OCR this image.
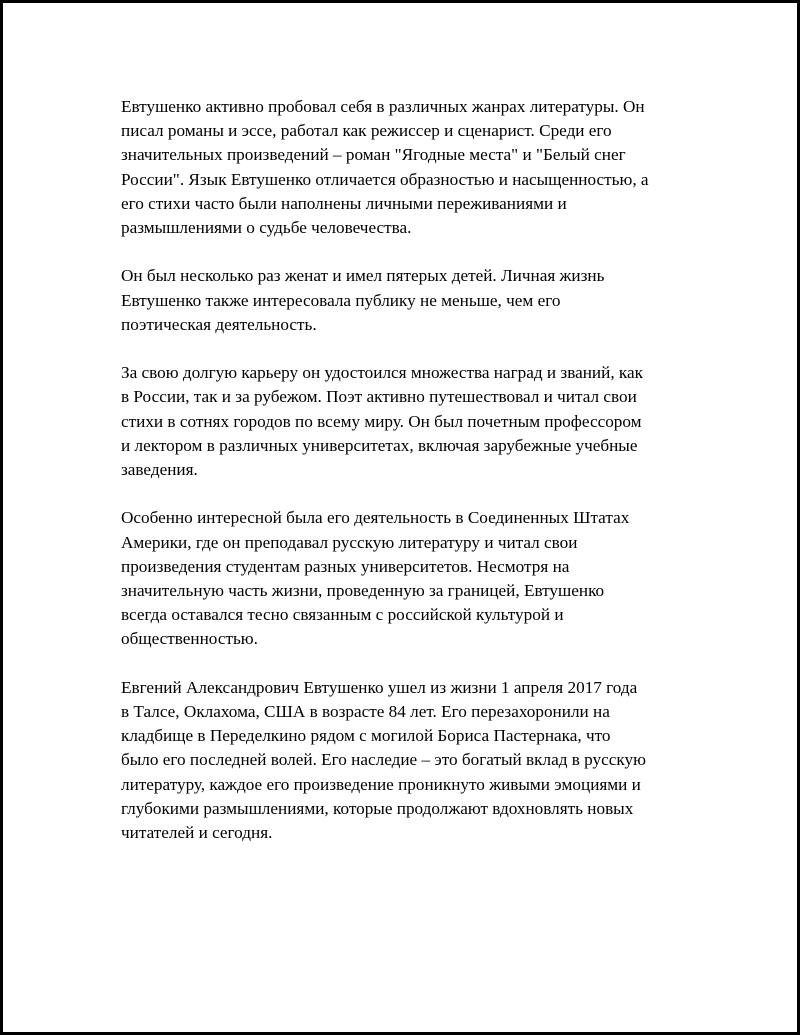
Евтушенко активно пробовал себя в различных жанрах литературы. Он
писал романы и эссе, работал как режиссер и сценарист. Среди его
значительных произведений – роман "Ягодные места" и "Белый снег
России". Язык Евтушенко отличается образностью и насыщенностью, а
его стихи часто были наполнены личными переживаниями и
размышлениями о судьбе человечества.

Он был несколько раз женат и имел пятерых детей. Личная жизнь
Евтушенко также интересовала публику не меньше, чем его
поэтическая деятельность.

За свою долгую карьеру он удостоился множества наград и званий, как
в России, так и за рубежом. Поэт активно путешествовал и читал свои
стихи в сотнях городов по всему миру. Он был почетным профессором
и лектором в различных университетах, включая зарубежные учебные
заведения.

Особенно интересной была его деятельность в Соединенных Штатах
Америки, где он преподавал русскую литературу и читал свои
произведения студентам разных университетов. Несмотря на
значительную часть жизни, проведенную за границей, Евтушенко
всегда оставался тесно связанным с российской культурой и
общественностью.

Евгений Александрович Евтушенко ушел из жизни 1 апреля 2017 года
в Талсе, Оклахома, США в возрасте 84 лет. Его перезахоронили на
кладбище в Переделкино рядом с могилой Бориса Пастернака, что
было его последней волей. Его наследие – это богатый вклад в русскую
литературу, каждое его произведение проникнуто живыми эмоциями и
глубокими размышлениями, которые продолжают вдохновлять новых
читателей и сегодня.
